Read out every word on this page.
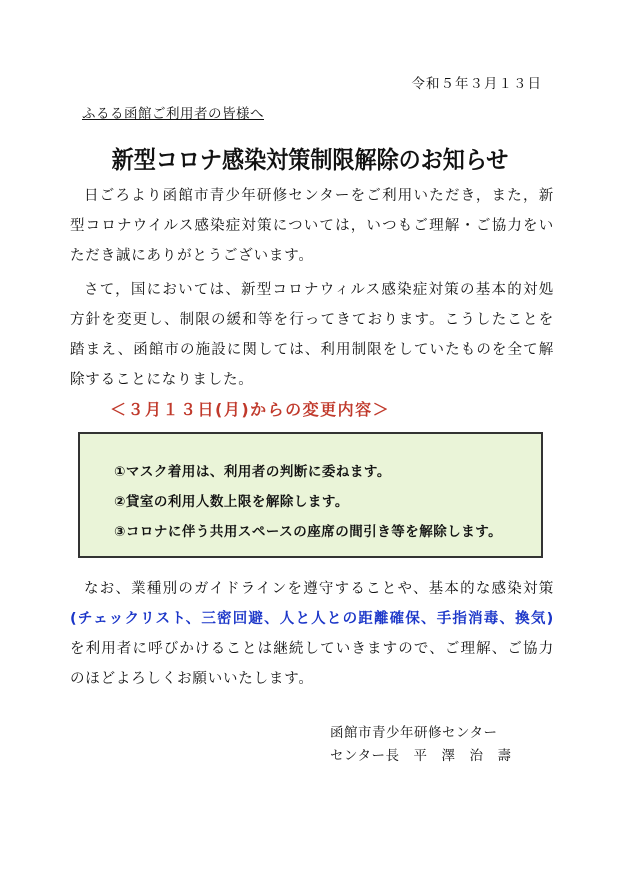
令和５年３月１３日
ふるる函館ご利用者の皆様へ
新型コロナ感染対策制限解除のお知らせ
日ごろより函館市青少年研修センターをご利用いただき，また，新型コロナウイルス感染症対策については，いつもご理解・ご協力をいただき誠にありがとうございます。
さて，国においては、新型コロナウィルス感染症対策の基本的対処方針を変更し、制限の緩和等を行ってきております。こうしたことを踏まえ、函館市の施設に関しては、利用制限をしていたものを全て解除することになりました。
＜３月１３日(月)からの変更内容＞
①マスク着用は、利用者の判断に委ねます。
②貸室の利用人数上限を解除します。
③コロナに伴う共用スペースの座席の間引き等を解除します。
なお、業種別のガイドラインを遵守することや、基本的な感染対策(チェックリスト、三密回避、人と人との距離確保、手指消毒、換気)を利用者に呼びかけることは継続していきますので、ご理解、ご協力のほどよろしくお願いいたします。
函館市青少年研修センター
センター長　平　澤　治　壽
